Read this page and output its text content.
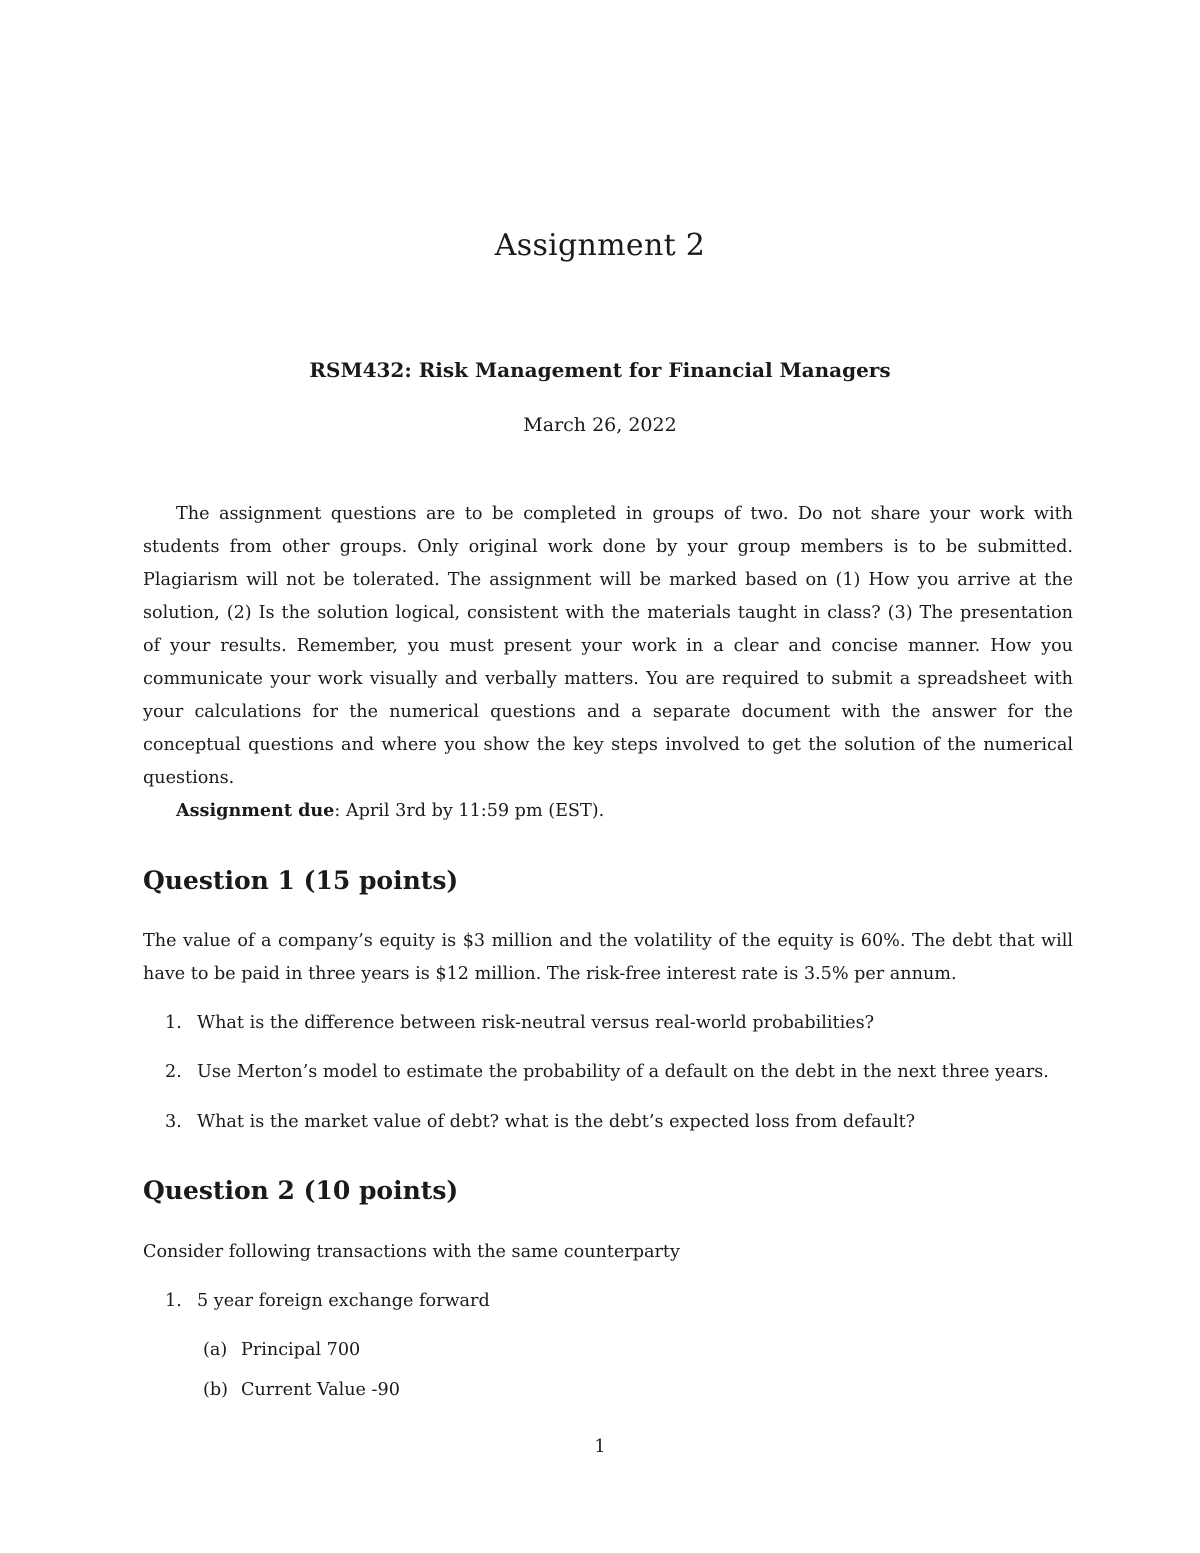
Assignment 2
RSM432: Risk Management for Financial Managers
March 26, 2022

The assignment questions are to be completed in groups of two. Do not share your work with students from other groups. Only original work done by your group members is to be submitted. Plagiarism will not be tolerated. The assignment will be marked based on (1) How you arrive at the solution, (2) Is the solution logical, consistent with the materials taught in class? (3) The presentation of your results. Remember, you must present your work in a clear and concise manner. How you communicate your work visually and verbally matters. You are required to submit a spreadsheet with your calculations for the numerical questions and a separate document with the answer for the conceptual questions and where you show the key steps involved to get the solution of the numerical questions.

Assignment due: April 3rd by 11:59 pm (EST).
Question 1 (15 points)

The value of a company’s equity is $3 million and the volatility of the equity is 60%. The debt that will have to be paid in three years is $12 million. The risk-free interest rate is 3.5% per annum.

1. What is the difference between risk-neutral versus real-world probabilities?
2. Use Merton’s model to estimate the probability of a default on the debt in the next three years.
3. What is the market value of debt? what is the debt’s expected loss from default?
Question 2 (10 points)
Consider following transactions with the same counterparty
1. 5 year foreign exchange forward
(a) Principal 700
(b) Current Value -90
1
